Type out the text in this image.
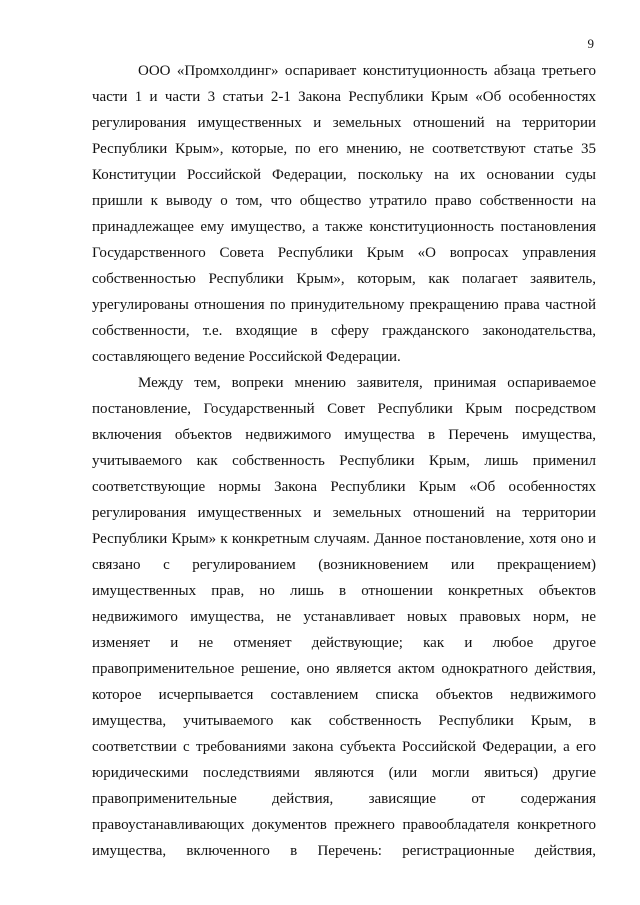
9
ООО «Промхолдинг» оспаривает конституционность абзаца третьего
части 1 и части 3 статьи 2-1 Закона Республики Крым «Об особенностях
регулирования имущественных и земельных отношений на территории
Республики Крым», которые, по его мнению, не соответствуют статье 35
Конституции Российской Федерации, поскольку на их основании суды
пришли к выводу о том, что общество утратило право собственности на
принадлежащее ему имущество, а также конституционность постановления
Государственного Совета Республики Крым «О вопросах управления
собственностью Республики Крым», которым, как полагает заявитель,
урегулированы отношения по принудительному прекращению права частной
собственности, т.е. входящие в сферу гражданского законодательства,
составляющего ведение Российской Федерации.
Между тем, вопреки мнению заявителя, принимая оспариваемое
постановление, Государственный Совет Республики Крым посредством
включения объектов недвижимого имущества в Перечень имущества,
учитываемого как собственность Республики Крым, лишь применил
соответствующие нормы Закона Республики Крым «Об особенностях
регулирования имущественных и земельных отношений на территории
Республики Крым» к конкретным случаям. Данное постановление, хотя оно и
связано с регулированием (возникновением или прекращением)
имущественных прав, но лишь в отношении конкретных объектов
недвижимого имущества, не устанавливает новых правовых норм, не
изменяет и не отменяет действующие; как и любое другое
правоприменительное решение, оно является актом однократного действия,
которое исчерпывается составлением списка объектов недвижимого
имущества, учитываемого как собственность Республики Крым, в
соответствии с требованиями закона субъекта Российской Федерации, а его
юридическими последствиями являются (или могли явиться) другие
правоприменительные действия, зависящие от содержания
правоустанавливающих документов прежнего правообладателя конкретного
имущества, включенного в Перечень: регистрационные действия,
